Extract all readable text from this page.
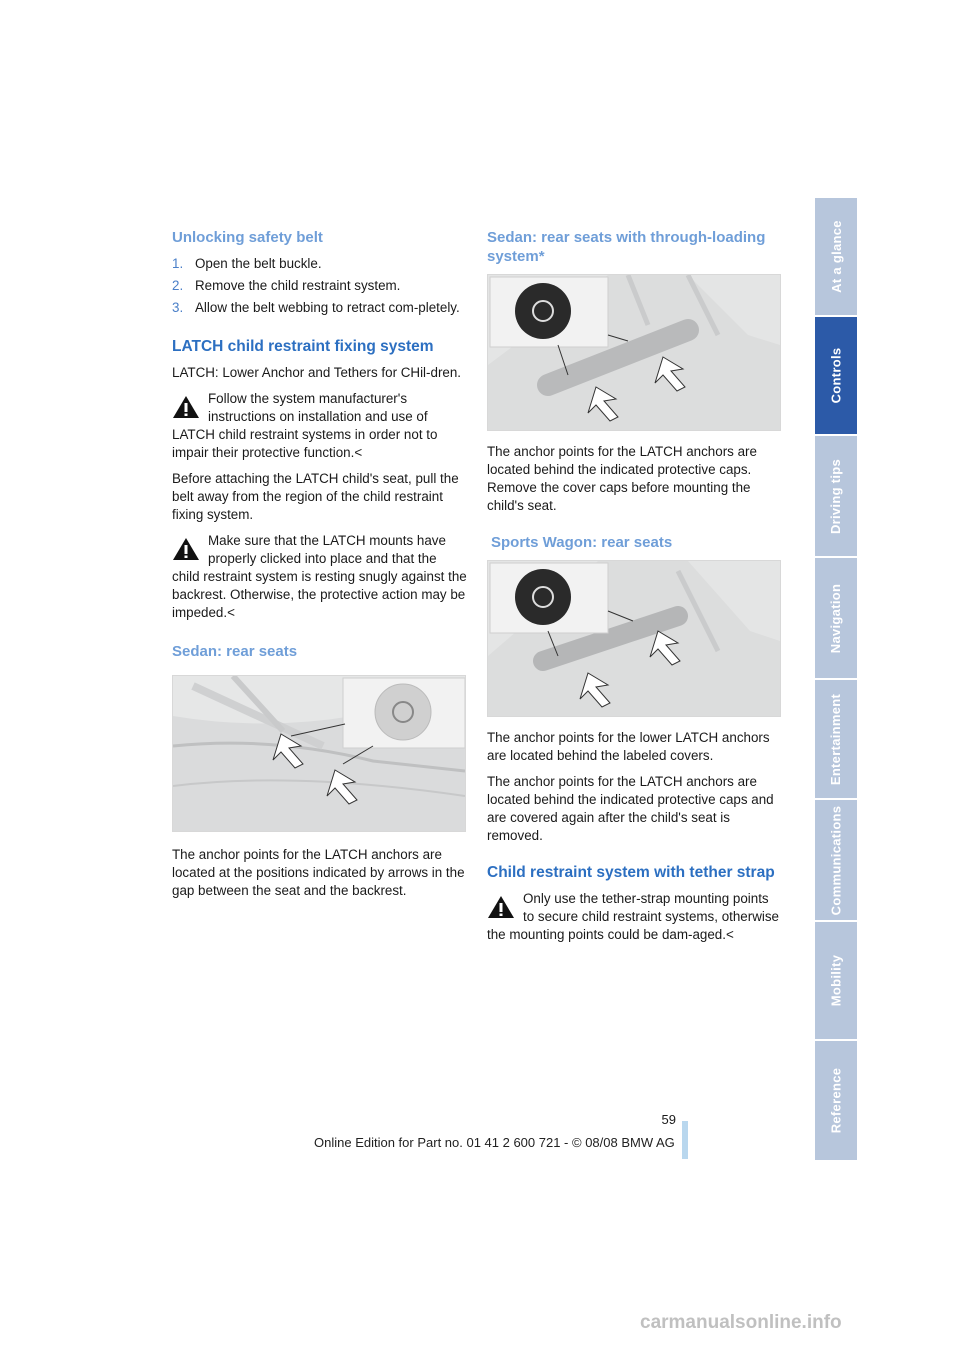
Unlocking safety belt
1. Open the belt buckle.
2. Remove the child restraint system.
3. Allow the belt webbing to retract com-pletely.
LATCH child restraint fixing system

LATCH: Lower Anchor and Tethers for CHil-dren.

Follow the system manufacturer's instructions on installation and use of LATCH child restraint systems in order not to impair their protective function.<

Before attaching the LATCH child's seat, pull the belt away from the region of the child restraint fixing system.

Make sure that the LATCH mounts have properly clicked into place and that the child restraint system is resting snugly against the backrest. Otherwise, the protective action may be impeded.<
Sedan: rear seats

The anchor points for the LATCH anchors are located at the positions indicated by arrows in the gap between the seat and the backrest.

Sedan: rear seats with through-loading system*

The anchor points for the LATCH anchors are located behind the indicated protective caps. Remove the cover caps before mounting the child's seat.

Sports Wagon: rear seats

The anchor points for the lower LATCH anchors are located behind the labeled covers.

The anchor points for the LATCH anchors are located behind the indicated protective caps and are covered again after the child's seat is removed.

Child restraint system with tether strap
Only use the tether-strap mounting points to secure child restraint systems, otherwise the mounting points could be dam-aged.<
At a glance
Controls
Driving tips
Navigation
Entertainment
Communications
Mobility
Reference
59
Online Edition for Part no. 01 41 2 600 721 - © 08/08 BMW AG
carmanualsonline.info
